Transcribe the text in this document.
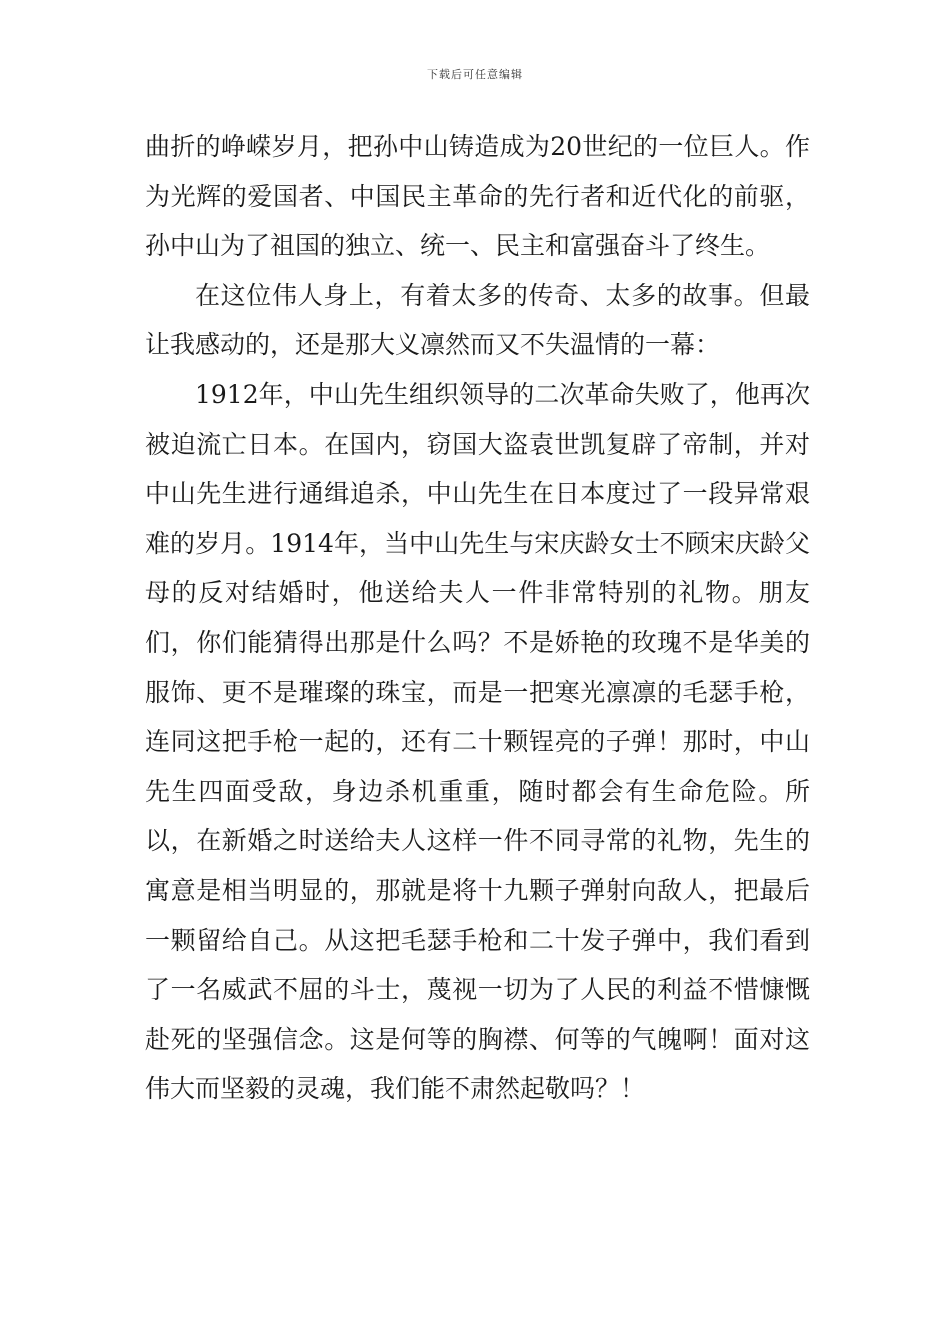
下载后可任意编辑

曲折的峥嵘岁月，把孙中山铸造成为20世纪的一位巨人。作为光辉的爱国者、中国民主革命的先行者和近代化的前驱，孙中山为了祖国的独立、统一、民主和富强奋斗了终生。

在这位伟人身上，有着太多的传奇、太多的故事。但最让我感动的，还是那大义凛然而又不失温情的一幕：

1912年，中山先生组织领导的二次革命失败了，他再次被迫流亡日本。在国内，窃国大盗袁世凯复辟了帝制，并对中山先生进行通缉追杀，中山先生在日本度过了一段异常艰难的岁月。1914年，当中山先生与宋庆龄女士不顾宋庆龄父母的反对结婚时，他送给夫人一件非常特别的礼物。朋友们，你们能猜得出那是什么吗？不是娇艳的玫瑰不是华美的服饰、更不是璀璨的珠宝，而是一把寒光凛凛的毛瑟手枪，连同这把手枪一起的，还有二十颗锃亮的子弹！那时，中山先生四面受敌，身边杀机重重，随时都会有生命危险。所以，在新婚之时送给夫人这样一件不同寻常的礼物，先生的寓意是相当明显的，那就是将十九颗子弹射向敌人，把最后一颗留给自己。从这把毛瑟手枪和二十发子弹中，我们看到了一名威武不屈的斗士，蔑视一切为了人民的利益不惜慷慨赴死的坚强信念。这是何等的胸襟、何等的气魄啊！面对这伟大而坚毅的灵魂，我们能不肃然起敬吗？！
